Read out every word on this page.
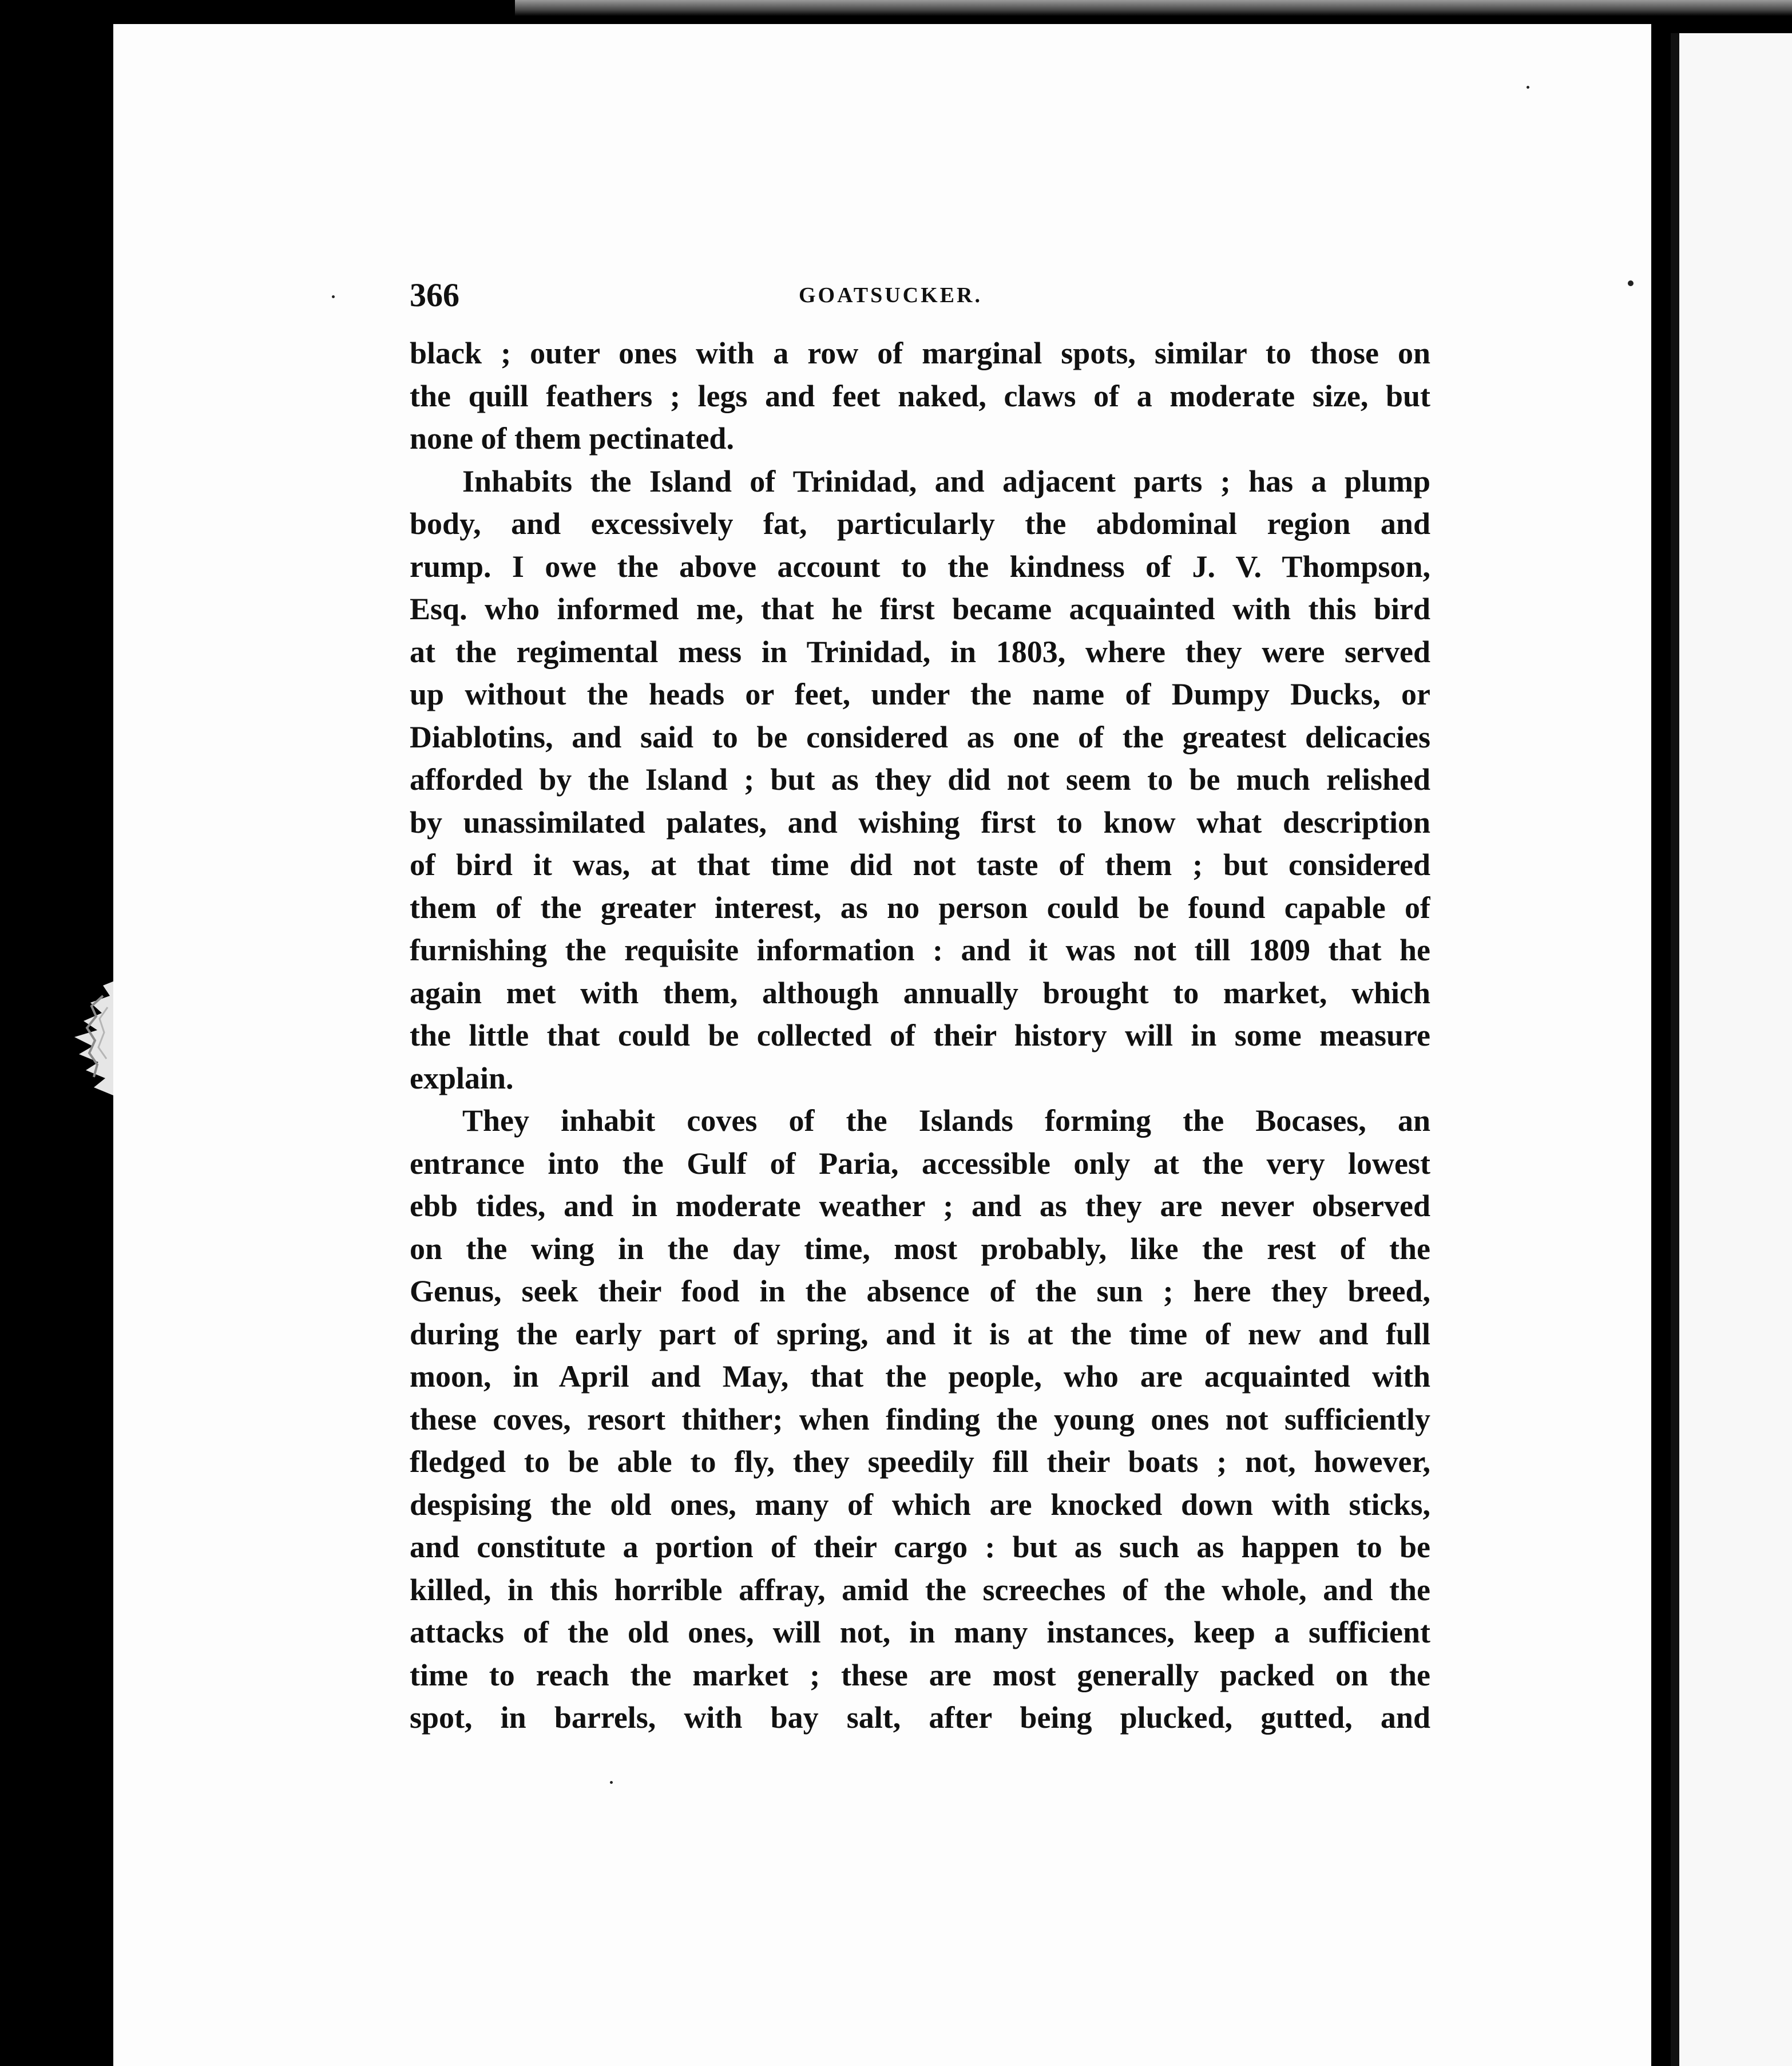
366	GOATSUCKER.
black ; outer ones with a row of marginal spots, similar to those on
the quill feathers ; legs and feet naked, claws of a moderate size, but
none of them pectinated.
Inhabits the Island of Trinidad, and adjacent parts ; has a plump
body, and excessively fat, particularly the abdominal region and
rump. I owe the above account to the kindness of J. V. Thompson,
Esq. who informed me, that he first became acquainted with this bird
at the regimental mess in Trinidad, in 1803, where they were served
up without the heads or feet, under the name of Dumpy Ducks, or
Diablotins, and said to be considered as one of the greatest delicacies
afforded by the Island ; but as they did not seem to be much relished
by unassimilated palates, and wishing first to know what description
of bird it was, at that time did not taste of them ; but considered
them of the greater interest, as no person could be found capable of
furnishing the requisite information : and it was not till 1809 that he
again met with them, although annually brought to market, which
the little that could be collected of their history will in some measure
explain.
They inhabit coves of the Islands forming the Bocases, an
entrance into the Gulf of Paria, accessible only at the very lowest
ebb tides, and in moderate weather ; and as they are never observed
on the wing in the day time, most probably, like the rest of the
Genus, seek their food in the absence of the sun ; here they breed,
during the early part of spring, and it is at the time of new and full
moon, in April and May, that the people, who are acquainted with
these coves, resort thither; when finding the young ones not sufficiently
fledged to be able to fly, they speedily fill their boats ; not, however,
despising the old ones, many of which are knocked down with sticks,
and constitute a portion of their cargo : but as such as happen to be
killed, in this horrible affray, amid the screeches of the whole, and the
attacks of the old ones, will not, in many instances, keep a sufficient
time to reach the market ; these are most generally packed on the
spot, in barrels, with bay salt, after being plucked, gutted, and
